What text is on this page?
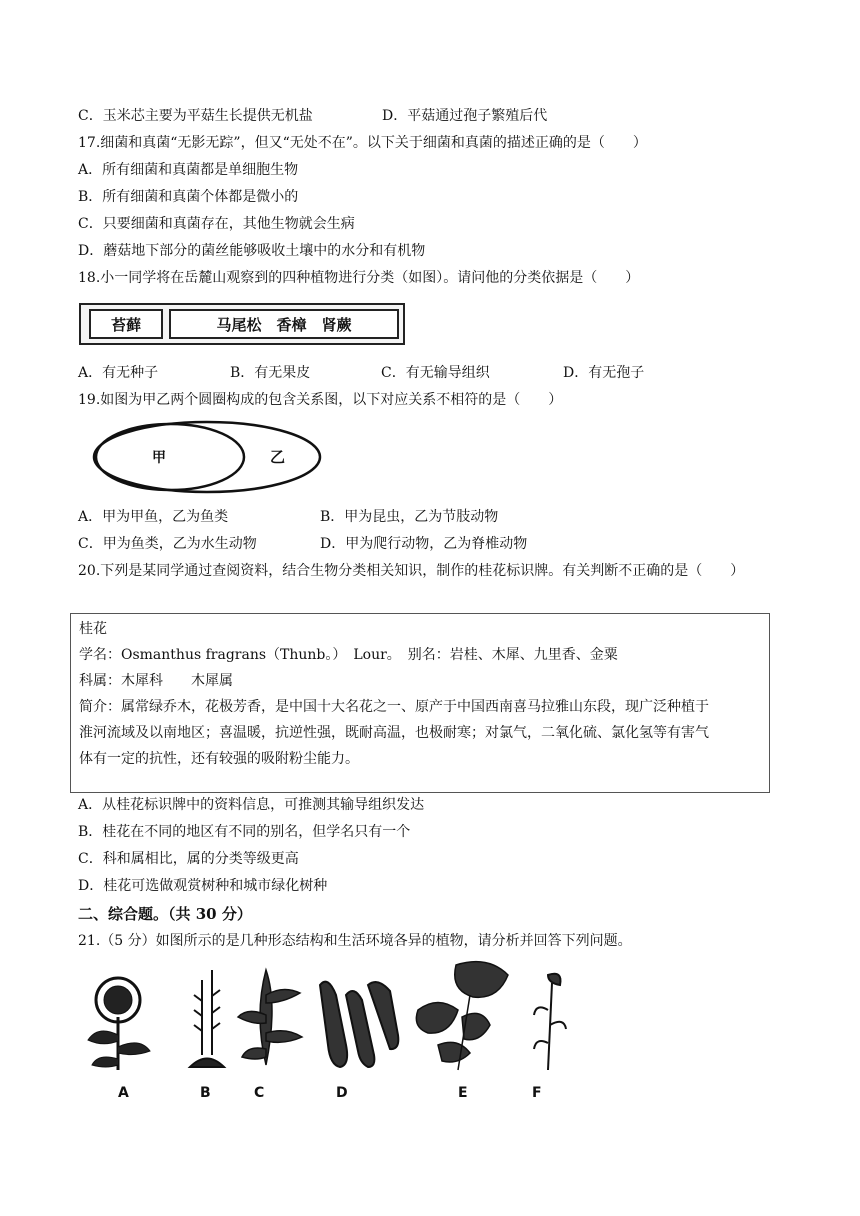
C．玉米芯主要为平菇生长提供无机盐	D．平菇通过孢子繁殖后代
17.细菌和真菌“无影无踪”，但又“无处不在”。以下关于细菌和真菌的描述正确的是（　　）
A．所有细菌和真菌都是单细胞生物
B．所有细菌和真菌个体都是微小的
C．只要细菌和真菌存在，其他生物就会生病
D．蘑菇地下部分的菌丝能够吸收土壤中的水分和有机物
18.小一同学将在岳麓山观察到的四种植物进行分类（如图）。请问他的分类依据是（　　）
苔藓	马尾松　香樟　肾蕨
A．有无种子	B．有无果皮	C．有无输导组织	D．有无孢子
19.如图为甲乙两个圆圈构成的包含关系图，以下对应关系不相符的是（　　）
甲	乙
A．甲为甲鱼，乙为鱼类	B．甲为昆虫，乙为节肢动物
C．甲为鱼类，乙为水生动物	D．甲为爬行动物，乙为脊椎动物
20.下列是某同学通过查阅资料，结合生物分类相关知识，制作的桂花标识牌。有关判断不正确的是（　　）
桂花
学名：Osmanthus fragrans（Thunb。）　Lour。　别名：岩桂、木犀、九里香、金粟
科属：木犀科　　木犀属
简介：属常绿乔木，花极芳香，是中国十大名花之一、原产于中国西南喜马拉雅山东段，现广泛种植于
淮河流域及以南地区；喜温暖，抗逆性强，既耐高温，也极耐寒；对氯气，二氧化硫、氯化氢等有害气
体有一定的抗性，还有较强的吸附粉尘能力。
A．从桂花标识牌中的资料信息，可推测其输导组织发达
B．桂花在不同的地区有不同的别名，但学名只有一个
C．科和属相比，属的分类等级更高
D．桂花可选做观赏树种和城市绿化树种
二、综合题。（共 30 分）
21.（5 分）如图所示的是几种形态结构和生活环境各异的植物，请分析并回答下列问题。
A	B	C	D	E	F
